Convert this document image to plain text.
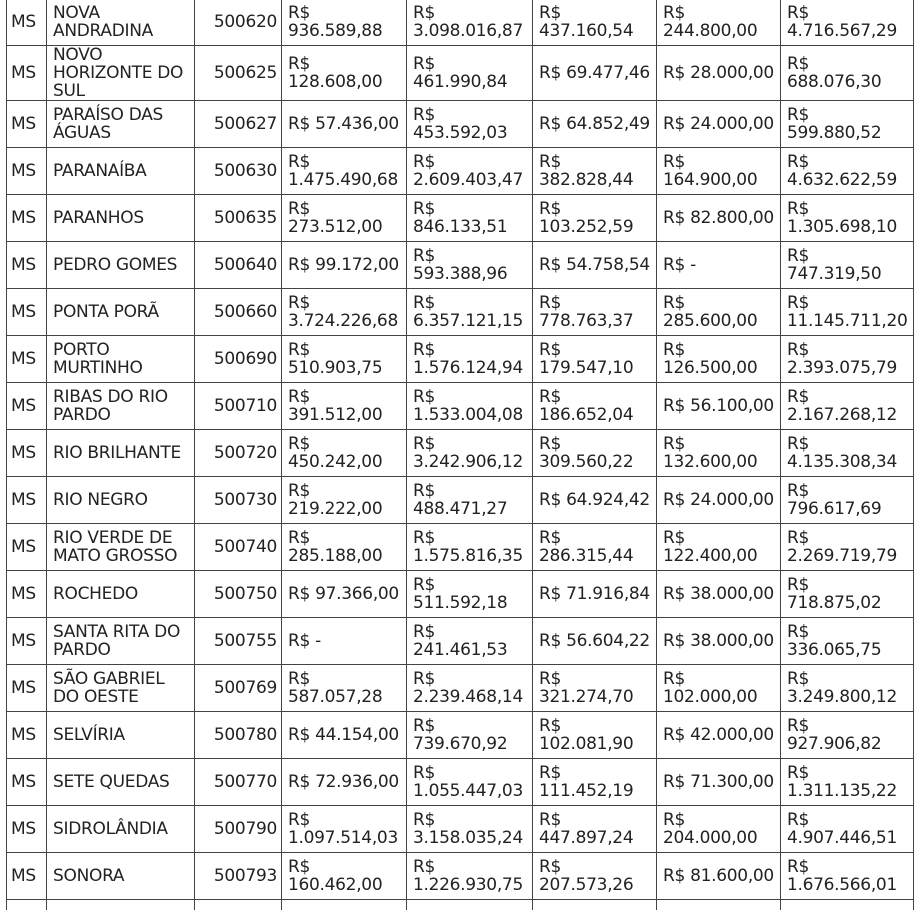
MS	NOVA ANDRADINA	500620	R$ 936.589,88	R$ 3.098.016,87	R$ 437.160,54	R$ 244.800,00	R$ 4.716.567,29
MS	NOVO HORIZONTE DO SUL	500625	R$ 128.608,00	R$ 461.990,84	R$ 69.477,46	R$ 28.000,00	R$ 688.076,30
MS	PARAÍSO DAS ÁGUAS	500627	R$ 57.436,00	R$ 453.592,03	R$ 64.852,49	R$ 24.000,00	R$ 599.880,52
MS	PARANAÍBA	500630	R$ 1.475.490,68	R$ 2.609.403,47	R$ 382.828,44	R$ 164.900,00	R$ 4.632.622,59
MS	PARANHOS	500635	R$ 273.512,00	R$ 846.133,51	R$ 103.252,59	R$ 82.800,00	R$ 1.305.698,10
MS	PEDRO GOMES	500640	R$ 99.172,00	R$ 593.388,96	R$ 54.758,54	R$ -	R$ 747.319,50
MS	PONTA PORÃ	500660	R$ 3.724.226,68	R$ 6.357.121,15	R$ 778.763,37	R$ 285.600,00	R$ 11.145.711,20
MS	PORTO MURTINHO	500690	R$ 510.903,75	R$ 1.576.124,94	R$ 179.547,10	R$ 126.500,00	R$ 2.393.075,79
MS	RIBAS DO RIO PARDO	500710	R$ 391.512,00	R$ 1.533.004,08	R$ 186.652,04	R$ 56.100,00	R$ 2.167.268,12
MS	RIO BRILHANTE	500720	R$ 450.242,00	R$ 3.242.906,12	R$ 309.560,22	R$ 132.600,00	R$ 4.135.308,34
MS	RIO NEGRO	500730	R$ 219.222,00	R$ 488.471,27	R$ 64.924,42	R$ 24.000,00	R$ 796.617,69
MS	RIO VERDE DE MATO GROSSO	500740	R$ 285.188,00	R$ 1.575.816,35	R$ 286.315,44	R$ 122.400,00	R$ 2.269.719,79
MS	ROCHEDO	500750	R$ 97.366,00	R$ 511.592,18	R$ 71.916,84	R$ 38.000,00	R$ 718.875,02
MS	SANTA RITA DO PARDO	500755	R$ -	R$ 241.461,53	R$ 56.604,22	R$ 38.000,00	R$ 336.065,75
MS	SÃO GABRIEL DO OESTE	500769	R$ 587.057,28	R$ 2.239.468,14	R$ 321.274,70	R$ 102.000,00	R$ 3.249.800,12
MS	SELVÍRIA	500780	R$ 44.154,00	R$ 739.670,92	R$ 102.081,90	R$ 42.000,00	R$ 927.906,82
MS	SETE QUEDAS	500770	R$ 72.936,00	R$ 1.055.447,03	R$ 111.452,19	R$ 71.300,00	R$ 1.311.135,22
MS	SIDROLÂNDIA	500790	R$ 1.097.514,03	R$ 3.158.035,24	R$ 447.897,24	R$ 204.000,00	R$ 4.907.446,51
MS	SONORA	500793	R$ 160.462,00	R$ 1.226.930,75	R$ 207.573,26	R$ 81.600,00	R$ 1.676.566,01
